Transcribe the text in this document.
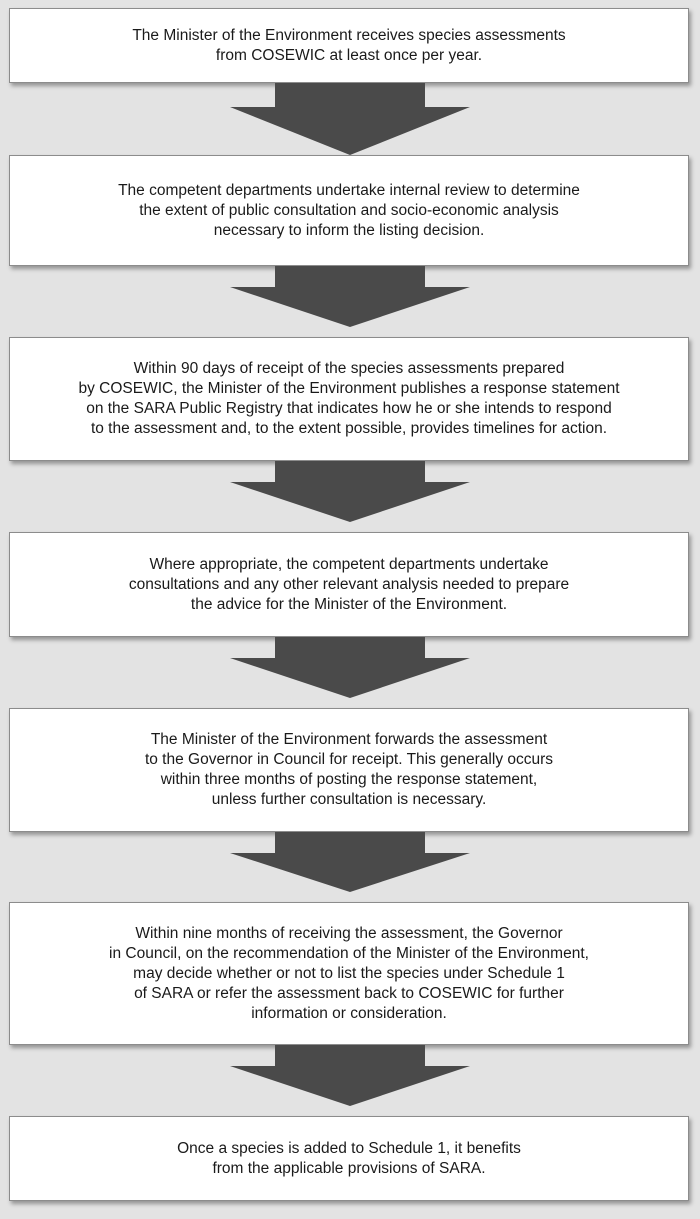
The Minister of the Environment receives species assessments
from COSEWIC at least once per year.
The competent departments undertake internal review to determine
the extent of public consultation and socio-economic analysis
necessary to inform the listing decision.
Within 90 days of receipt of the species assessments prepared
by COSEWIC, the Minister of the Environment publishes a response statement
on the SARA Public Registry that indicates how he or she intends to respond
to the assessment and, to the extent possible, provides timelines for action.
Where appropriate, the competent departments undertake
consultations and any other relevant analysis needed to prepare
the advice for the Minister of the Environment.
The Minister of the Environment forwards the assessment
to the Governor in Council for receipt. This generally occurs
within three months of posting the response statement,
unless further consultation is necessary.
Within nine months of receiving the assessment, the Governor
in Council, on the recommendation of the Minister of the Environment,
may decide whether or not to list the species under Schedule 1
of SARA or refer the assessment back to COSEWIC for further
information or consideration.
Once a species is added to Schedule 1, it benefits
from the applicable provisions of SARA.
